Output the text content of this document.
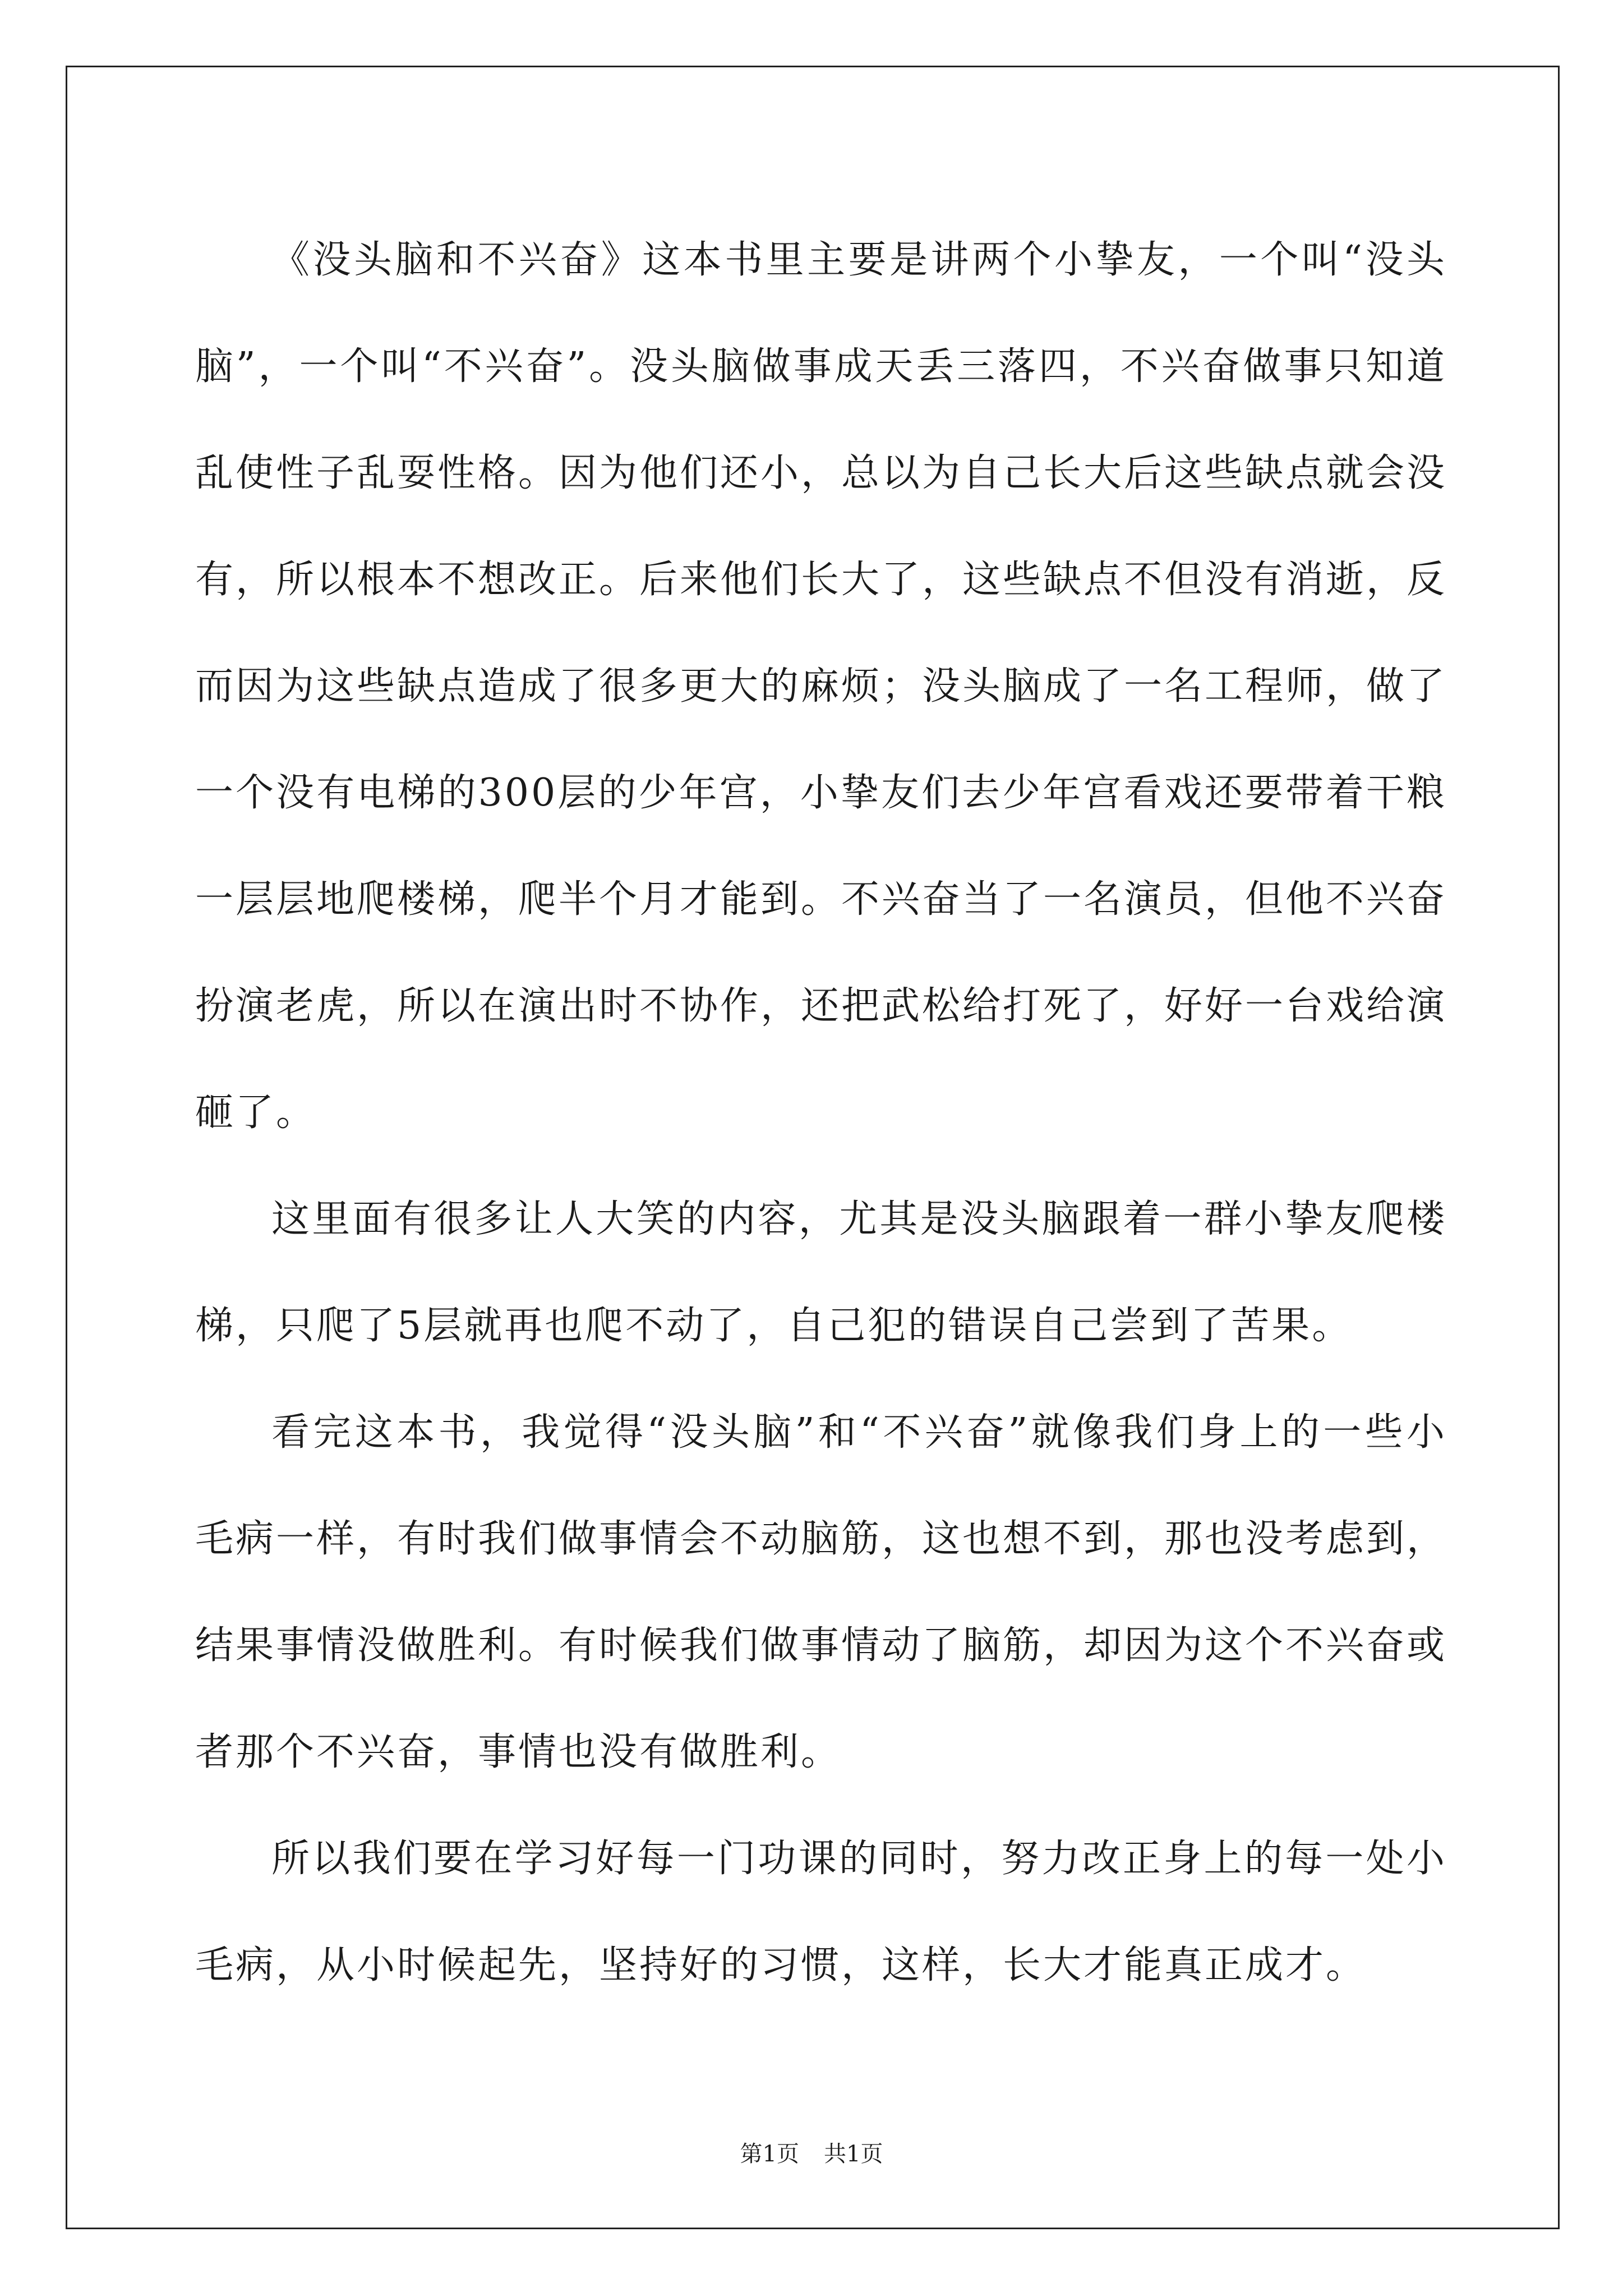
《没头脑和不兴奋》这本书里主要是讲两个小挚友，一个叫“没头脑”，一个叫“不兴奋”。没头脑做事成天丢三落四，不兴奋做事只知道乱使性子乱耍性格。因为他们还小，总以为自己长大后这些缺点就会没有，所以根本不想改正。后来他们长大了，这些缺点不但没有消逝，反而因为这些缺点造成了很多更大的麻烦；没头脑成了一名工程师，做了一个没有电梯的300层的少年宫，小挚友们去少年宫看戏还要带着干粮一层层地爬楼梯，爬半个月才能到。不兴奋当了一名演员，但他不兴奋扮演老虎，所以在演出时不协作，还把武松给打死了，好好一台戏给演砸了。

这里面有很多让人大笑的内容，尤其是没头脑跟着一群小挚友爬楼梯，只爬了5层就再也爬不动了，自己犯的错误自己尝到了苦果。

看完这本书，我觉得“没头脑”和“不兴奋”就像我们身上的一些小毛病一样，有时我们做事情会不动脑筋，这也想不到，那也没考虑到，结果事情没做胜利。有时候我们做事情动了脑筋，却因为这个不兴奋或者那个不兴奋，事情也没有做胜利。

所以我们要在学习好每一门功课的同时，努力改正身上的每一处小毛病，从小时候起先，坚持好的习惯，这样，长大才能真正成才。

第1页 共1页
